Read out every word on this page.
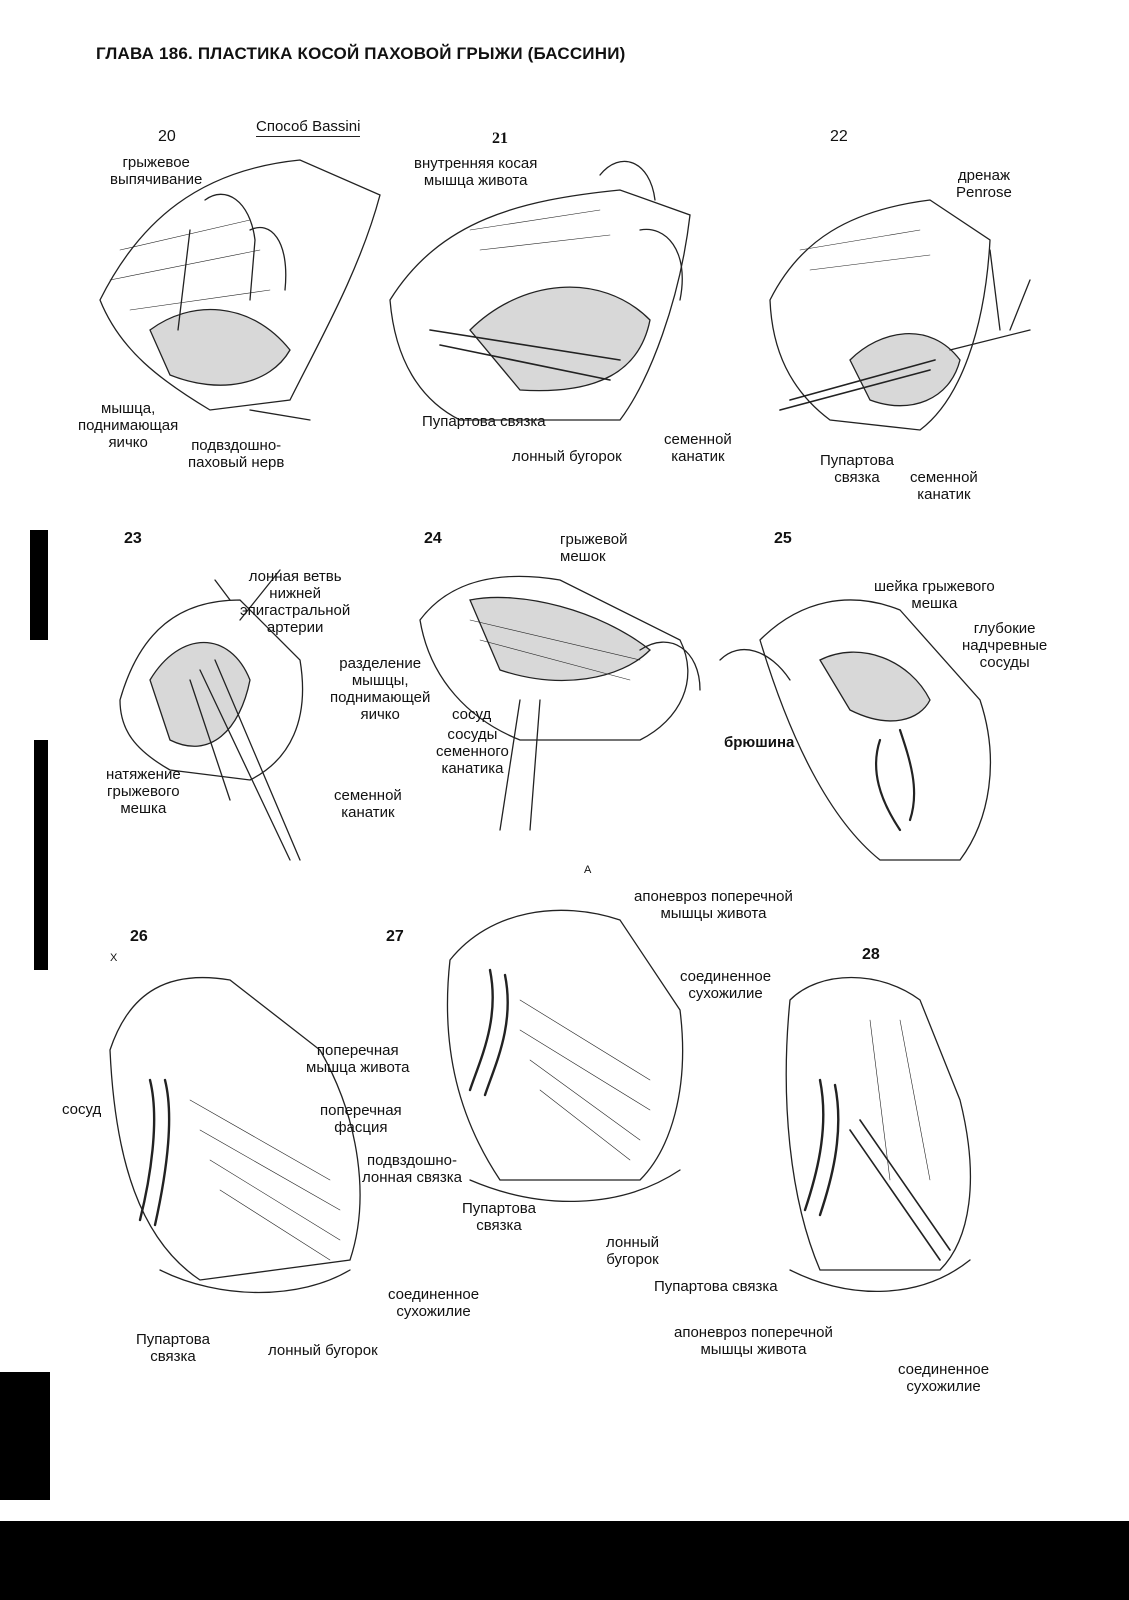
ГЛАВА 186. ПЛАСТИКА КОСОЙ ПАХОВОЙ ГРЫЖИ (БАССИНИ)
Способ Bassini
20	21	22
23	24	25
26	27
28
X
A
грыжевое
выпячивание
мышца,
поднимающая
яичко	подвздошно-
паховый нерв
внутренняя косая
мышца живота
Пупартова связка
лонный бугорок
семенной
канатик
дренаж
Penrose
Пупартова
связка	семенной
канатик
лонная ветвь
нижней
эпигастральной
артерии
натяжение
грыжевого
мешка
семенной
канатик
грыжевой
мешок
разделение
мышцы,
поднимающей
яичко	сосуд
сосуды
семенного
канатика
шейка грыжевого
мешка
глубокие
надчревные
сосуды
брюшина
поперечная
мышца живота
сосуд	поперечная
фасция
подвздошно-
лонная связка
соединенное
сухожилие
Пупартова
связка	лонный бугорок
апоневроз поперечной
мышцы живота
соединенное
сухожилие
Пупартова
связка
лонный
бугорок
Пупартова связка
апоневроз поперечной
мышцы живота
соединенное
сухожилие
